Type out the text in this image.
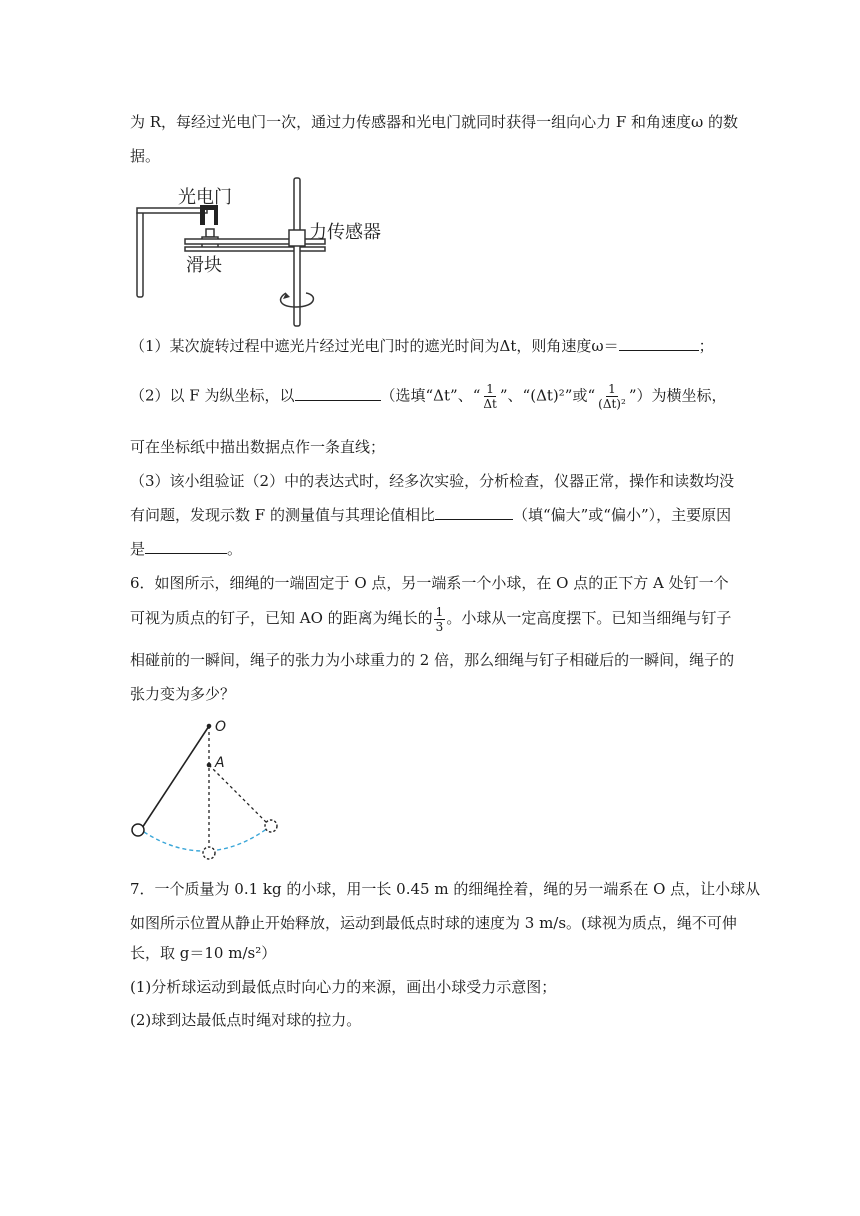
为 R，每经过光电门一次，通过力传感器和光电门就同时获得一组向心力 F 和角速度ω 的数
据。
光电门
力传感器
滑块
（1）某次旋转过程中遮光片经过光电门时的遮光时间为Δt，则角速度ω＝	；
（2）以 F 为纵坐标，以	（选填“Δt”、“ $\frac{1}{\Delta t}$ ”、“(Δt)²”或“ $\frac{1}{\text{(Δt)²}}$ ”）为横坐标，
可在坐标纸中描出数据点作一条直线；
（3）该小组验证（2）中的表达式时，经多次实验，分析检查，仪器正常，操作和读数均没
有问题，发现示数 F 的测量值与其理论值相比	（填“偏大”或“偏小”），主要原因
是	。
6．如图所示，细绳的一端固定于 O 点，另一端系一个小球，在 O 点的正下方 A 处钉一个
可视为质点的钉子，已知 AO 的距离为绳长的 $\frac{1}{3}$ 。小球从一定高度摆下。已知当细绳与钉子
相碰前的一瞬间，绳子的张力为小球重力的 2 倍，那么细绳与钉子相碰后的一瞬间，绳子的
张力变为多少？
O
A
7．一个质量为 0.1 kg 的小球，用一长 0.45 m 的细绳拴着，绳的另一端系在 O 点，让小球从
如图所示位置从静止开始释放，运动到最低点时球的速度为 3 m/s。(球视为质点，绳不可伸
长，取 g＝10 m/s²）
(1)分析球运动到最低点时向心力的来源，画出小球受力示意图；
(2)球到达最低点时绳对球的拉力。
